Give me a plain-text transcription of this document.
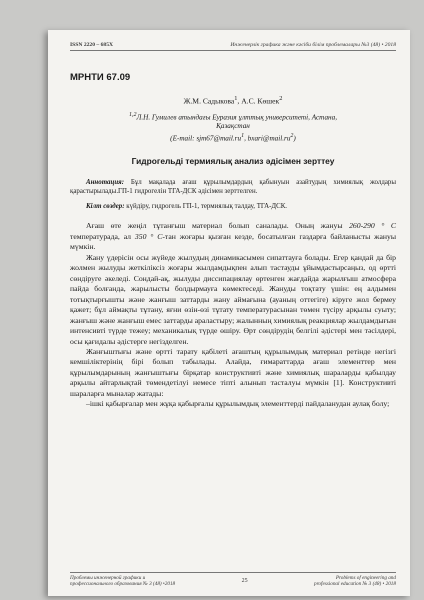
ISSN 2220 – 685X	Инженерлік графика және кәсіби білім проблемалары №3 (48) • 2018
МРНТИ 67.09
Ж.М. Садыкова$^1$, А.С. Көшек$^2$
$^{1,2}$Л.Н. Гумилев атындағы Еуразия ұлттық университеті, Астана,
Қазақстан
(E-mail: $sjm67@mail.ru^1$, $bxari@mail.ru^2$)
Гидрогельді термиялық анализ әдісімен зерттеу
Аннотация: Бұл мақалада ағаш құрылымдардың қабынуын азайтудың химиялық жолдары қарастырылады.ГП-1 гидрогелін ТГА-ДСК әдісімен зерттелген.
Кілт сөздер: күйдіру, гидрогель ГП-1, термиялық талдау, ТГА-ДСК.

Ағаш өте жеңіл тұтанғыш материал болып саналады. Оның жануы 260-290 ° С температурада, ал 350 ° С-тан жоғары қызған кезде, босатылған газдарға байланысты жануы мүмкін.

Жану үдерісін осы жүйеде жылудың динамикасымен сипаттауға болады. Егер қандай да бір жолмен жылуды жеткіліксіз жоғары жылдамдықпен алып тастауды ұйымдастырсаңыз, од өртті сөндіруге әкеледі. Сондай-ақ, жылуды диссипациялау өртенген жағдайда жарылғыш атмосфера пайда болғанда, жарылысты болдырмауға көмектеседі. Жануды тоқтату үшін: ең алдымен тотықтырғышты және жанғыш заттарды жану аймағына (ауаның оттегіге) кіруге жол бермеу қажет; бұл аймақты тұтану, яғни өзін-өзі тұтату температурасынан төмен түсіру арқылы суыту; жанғыш және жанғыш емес заттарды араластыру; жалынның химиялық реакциялар жылдамдығын интенсивті түрде тежеу; механикалық түрде өшіру. Өрт сөндірудің белгілі әдістері мен тәсілдері, осы қағидалы әдістерге негізделген.

Жанғыштығы және өртті тарату қабілеті ағаштың құрылымдық материал ретінде негізгі кемшіліктерінің бірі болып табылады. Алайда, ғимараттарда ағаш элементтер мен құрылымдарының жанғыштығы бірқатар конструктивті және химиялық шараларды қабылдау арқылы айтарлықтай төмендетілуі немесе тіпті алынып тасталуы мүмкін [1]. Конструктивті шараларға мыналар жатады:

–ішкі қабырғалар мен жұқа қабырғалы құрылымдық элементтерді пайдаланудан аулақ болу;

Проблемы инженерной графики и
профессионального образования № 3 (48) •2018
25
Problems of engineering and
professional education № 3 (48) • 2018
